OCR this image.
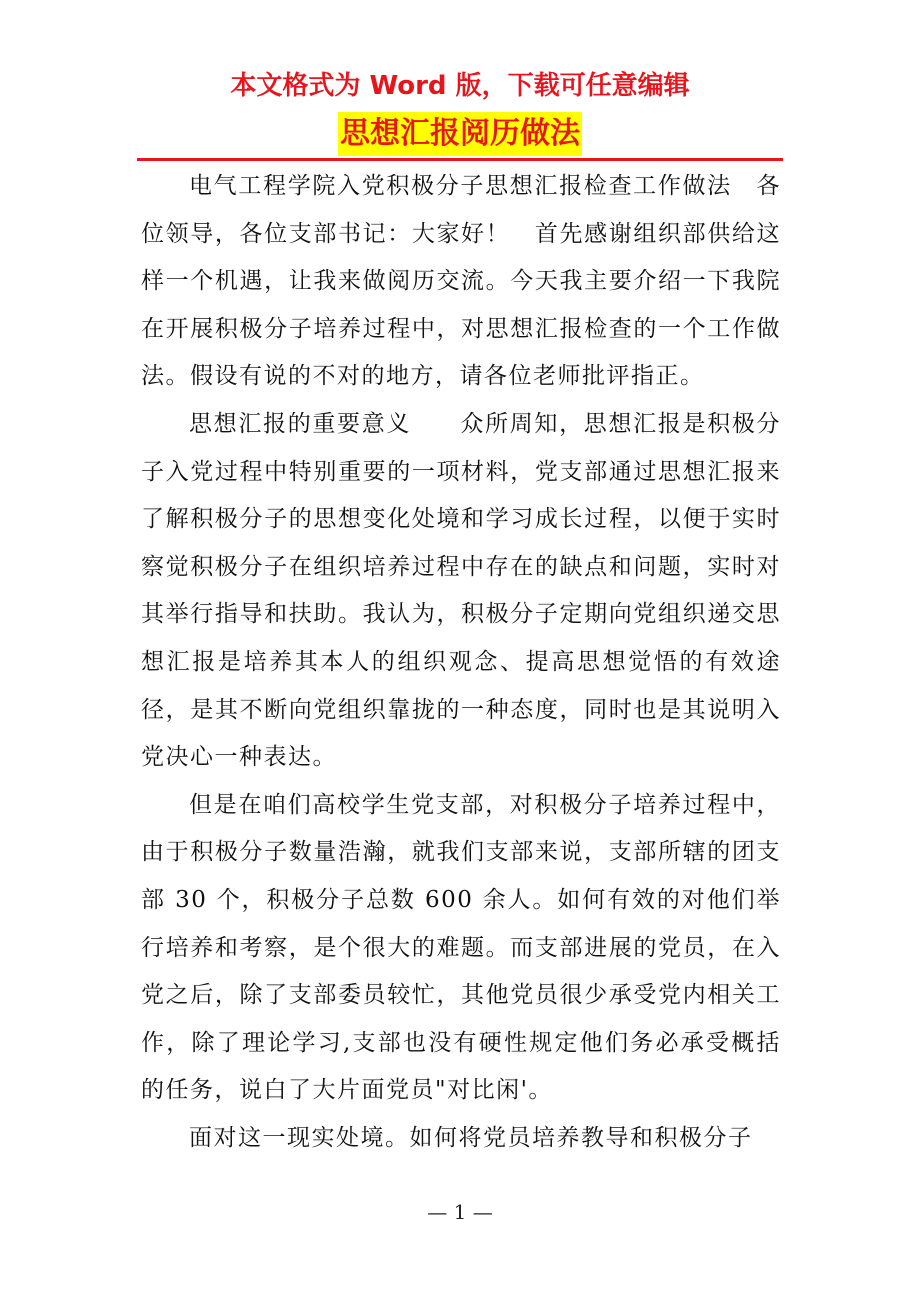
本文格式为 Word 版，下载可任意编辑
思想汇报阅历做法

电气工程学院入党积极分子思想汇报检查工作做法　各位领导，各位支部书记：大家好！　首先感谢组织部供给这样一个机遇，让我来做阅历交流。今天我主要介绍一下我院在开展积极分子培养过程中，对思想汇报检查的一个工作做法。假设有说的不对的地方，请各位老师批评指正。

思想汇报的重要意义　　众所周知，思想汇报是积极分子入党过程中特别重要的一项材料，党支部通过思想汇报来了解积极分子的思想变化处境和学习成长过程，以便于实时察觉积极分子在组织培养过程中存在的缺点和问题，实时对其举行指导和扶助。我认为，积极分子定期向党组织递交思想汇报是培养其本人的组织观念、提高思想觉悟的有效途径，是其不断向党组织靠拢的一种态度，同时也是其说明入党决心一种表达。

但是在咱们高校学生党支部，对积极分子培养过程中，由于积极分子数量浩瀚，就我们支部来说，支部所辖的团支部 30 个，积极分子总数 600 余人。如何有效的对他们举行培养和考察，是个很大的难题。而支部进展的党员，在入党之后，除了支部委员较忙，其他党员很少承受党内相关工作，除了理论学习,支部也没有硬性规定他们务必承受概括的任务，说白了大片面党员"对比闲'。

面对这一现实处境。如何将党员培养教导和积极分子

— 1 —
